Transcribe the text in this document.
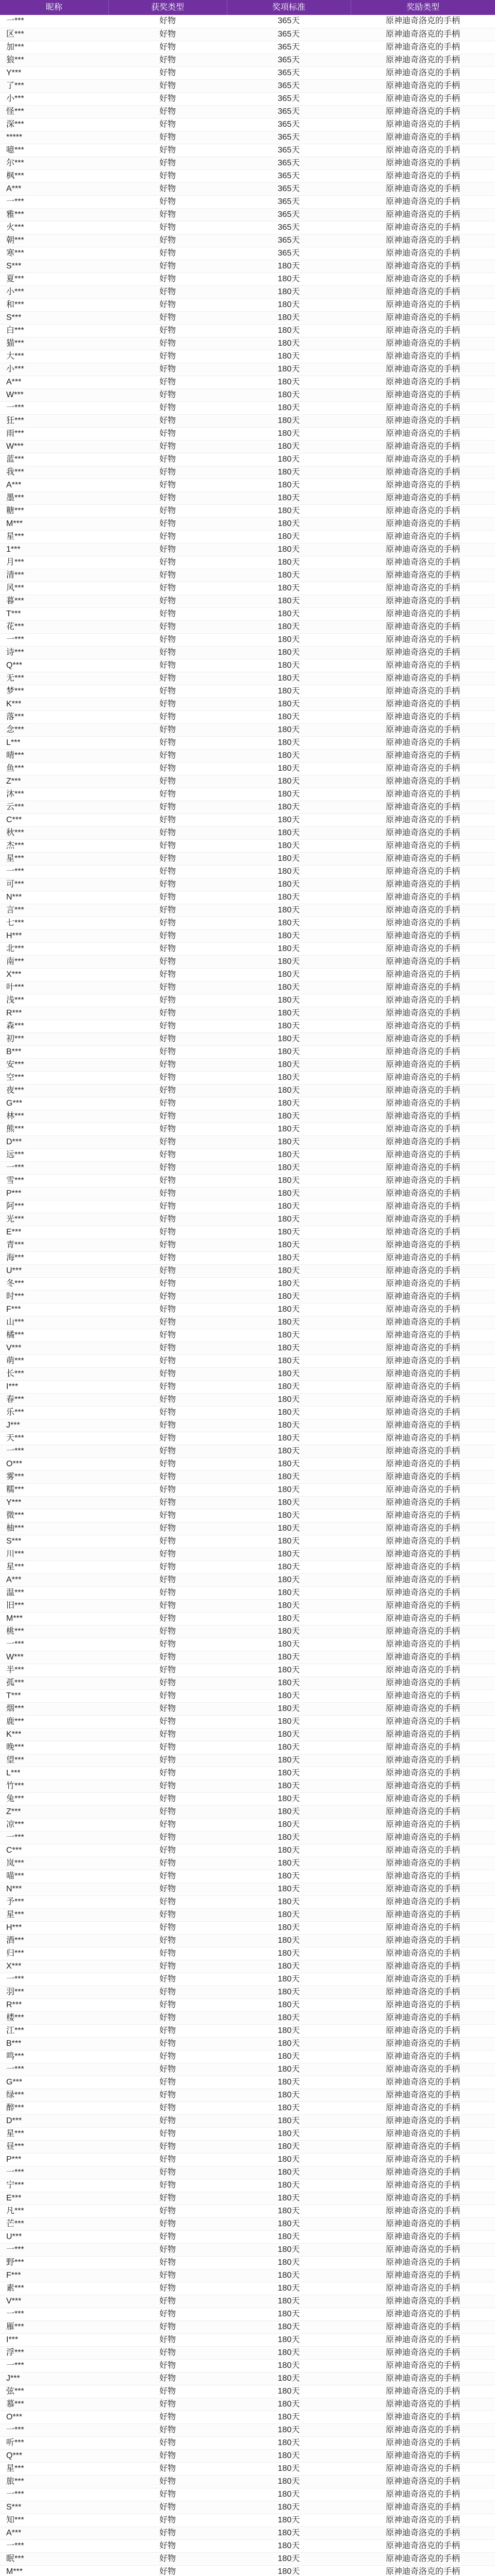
昵称	获奖类型	奖项标准	奖励类型
一***	好物	365天	原神迪奇洛克的手柄
区***	好物	365天	原神迪奇洛克的手柄
加***	好物	365天	原神迪奇洛克的手柄
狼***	好物	365天	原神迪奇洛克的手柄
Y***	好物	365天	原神迪奇洛克的手柄
了***	好物	365天	原神迪奇洛克的手柄
小***	好物	365天	原神迪奇洛克的手柄
怪***	好物	365天	原神迪奇洛克的手柄
深***	好物	365天	原神迪奇洛克的手柄
*****	好物	365天	原神迪奇洛克的手柄
噫***	好物	365天	原神迪奇洛克的手柄
尔***	好物	365天	原神迪奇洛克的手柄
枫***	好物	365天	原神迪奇洛克的手柄
A***	好物	365天	原神迪奇洛克的手柄
一***	好物	365天	原神迪奇洛克的手柄
雅***	好物	365天	原神迪奇洛克的手柄
火***	好物	365天	原神迪奇洛克的手柄
朝***	好物	365天	原神迪奇洛克的手柄
寒***	好物	365天	原神迪奇洛克的手柄
S***	好物	180天	原神迪奇洛克的手柄
夏***	好物	180天	原神迪奇洛克的手柄
小***	好物	180天	原神迪奇洛克的手柄
和***	好物	180天	原神迪奇洛克的手柄
S***	好物	180天	原神迪奇洛克的手柄
白***	好物	180天	原神迪奇洛克的手柄
猫***	好物	180天	原神迪奇洛克的手柄
大***	好物	180天	原神迪奇洛克的手柄
小***	好物	180天	原神迪奇洛克的手柄
A***	好物	180天	原神迪奇洛克的手柄
W***	好物	180天	原神迪奇洛克的手柄
一***	好物	180天	原神迪奇洛克的手柄
狂***	好物	180天	原神迪奇洛克的手柄
雨***	好物	180天	原神迪奇洛克的手柄
W***	好物	180天	原神迪奇洛克的手柄
蓝***	好物	180天	原神迪奇洛克的手柄
我***	好物	180天	原神迪奇洛克的手柄
A***	好物	180天	原神迪奇洛克的手柄
墨***	好物	180天	原神迪奇洛克的手柄
糖***	好物	180天	原神迪奇洛克的手柄
M***	好物	180天	原神迪奇洛克的手柄
星***	好物	180天	原神迪奇洛克的手柄
1***	好物	180天	原神迪奇洛克的手柄
月***	好物	180天	原神迪奇洛克的手柄
清***	好物	180天	原神迪奇洛克的手柄
风***	好物	180天	原神迪奇洛克的手柄
暮***	好物	180天	原神迪奇洛克的手柄
T***	好物	180天	原神迪奇洛克的手柄
花***	好物	180天	原神迪奇洛克的手柄
一***	好物	180天	原神迪奇洛克的手柄
诗***	好物	180天	原神迪奇洛克的手柄
Q***	好物	180天	原神迪奇洛克的手柄
无***	好物	180天	原神迪奇洛克的手柄
梦***	好物	180天	原神迪奇洛克的手柄
K***	好物	180天	原神迪奇洛克的手柄
落***	好物	180天	原神迪奇洛克的手柄
念***	好物	180天	原神迪奇洛克的手柄
L***	好物	180天	原神迪奇洛克的手柄
晴***	好物	180天	原神迪奇洛克的手柄
鱼***	好物	180天	原神迪奇洛克的手柄
Z***	好物	180天	原神迪奇洛克的手柄
沐***	好物	180天	原神迪奇洛克的手柄
云***	好物	180天	原神迪奇洛克的手柄
C***	好物	180天	原神迪奇洛克的手柄
秋***	好物	180天	原神迪奇洛克的手柄
杰***	好物	180天	原神迪奇洛克的手柄
星***	好物	180天	原神迪奇洛克的手柄
一***	好物	180天	原神迪奇洛克的手柄
可***	好物	180天	原神迪奇洛克的手柄
N***	好物	180天	原神迪奇洛克的手柄
言***	好物	180天	原神迪奇洛克的手柄
七***	好物	180天	原神迪奇洛克的手柄
H***	好物	180天	原神迪奇洛克的手柄
北***	好物	180天	原神迪奇洛克的手柄
南***	好物	180天	原神迪奇洛克的手柄
X***	好物	180天	原神迪奇洛克的手柄
叶***	好物	180天	原神迪奇洛克的手柄
浅***	好物	180天	原神迪奇洛克的手柄
R***	好物	180天	原神迪奇洛克的手柄
森***	好物	180天	原神迪奇洛克的手柄
初***	好物	180天	原神迪奇洛克的手柄
B***	好物	180天	原神迪奇洛克的手柄
安***	好物	180天	原神迪奇洛克的手柄
空***	好物	180天	原神迪奇洛克的手柄
夜***	好物	180天	原神迪奇洛克的手柄
G***	好物	180天	原神迪奇洛克的手柄
林***	好物	180天	原神迪奇洛克的手柄
熊***	好物	180天	原神迪奇洛克的手柄
D***	好物	180天	原神迪奇洛克的手柄
远***	好物	180天	原神迪奇洛克的手柄
一***	好物	180天	原神迪奇洛克的手柄
雪***	好物	180天	原神迪奇洛克的手柄
P***	好物	180天	原神迪奇洛克的手柄
阿***	好物	180天	原神迪奇洛克的手柄
光***	好物	180天	原神迪奇洛克的手柄
E***	好物	180天	原神迪奇洛克的手柄
青***	好物	180天	原神迪奇洛克的手柄
海***	好物	180天	原神迪奇洛克的手柄
U***	好物	180天	原神迪奇洛克的手柄
冬***	好物	180天	原神迪奇洛克的手柄
时***	好物	180天	原神迪奇洛克的手柄
F***	好物	180天	原神迪奇洛克的手柄
山***	好物	180天	原神迪奇洛克的手柄
橘***	好物	180天	原神迪奇洛克的手柄
V***	好物	180天	原神迪奇洛克的手柄
萌***	好物	180天	原神迪奇洛克的手柄
长***	好物	180天	原神迪奇洛克的手柄
I***	好物	180天	原神迪奇洛克的手柄
春***	好物	180天	原神迪奇洛克的手柄
乐***	好物	180天	原神迪奇洛克的手柄
J***	好物	180天	原神迪奇洛克的手柄
天***	好物	180天	原神迪奇洛克的手柄
一***	好物	180天	原神迪奇洛克的手柄
O***	好物	180天	原神迪奇洛克的手柄
雾***	好物	180天	原神迪奇洛克的手柄
糯***	好物	180天	原神迪奇洛克的手柄
Y***	好物	180天	原神迪奇洛克的手柄
微***	好物	180天	原神迪奇洛克的手柄
柚***	好物	180天	原神迪奇洛克的手柄
S***	好物	180天	原神迪奇洛克的手柄
川***	好物	180天	原神迪奇洛克的手柄
星***	好物	180天	原神迪奇洛克的手柄
A***	好物	180天	原神迪奇洛克的手柄
温***	好物	180天	原神迪奇洛克的手柄
旧***	好物	180天	原神迪奇洛克的手柄
M***	好物	180天	原神迪奇洛克的手柄
桃***	好物	180天	原神迪奇洛克的手柄
一***	好物	180天	原神迪奇洛克的手柄
W***	好物	180天	原神迪奇洛克的手柄
半***	好物	180天	原神迪奇洛克的手柄
孤***	好物	180天	原神迪奇洛克的手柄
T***	好物	180天	原神迪奇洛克的手柄
烟***	好物	180天	原神迪奇洛克的手柄
鹿***	好物	180天	原神迪奇洛克的手柄
K***	好物	180天	原神迪奇洛克的手柄
晚***	好物	180天	原神迪奇洛克的手柄
望***	好物	180天	原神迪奇洛克的手柄
L***	好物	180天	原神迪奇洛克的手柄
竹***	好物	180天	原神迪奇洛克的手柄
兔***	好物	180天	原神迪奇洛克的手柄
Z***	好物	180天	原神迪奇洛克的手柄
凉***	好物	180天	原神迪奇洛克的手柄
一***	好物	180天	原神迪奇洛克的手柄
C***	好物	180天	原神迪奇洛克的手柄
岚***	好物	180天	原神迪奇洛克的手柄
喵***	好物	180天	原神迪奇洛克的手柄
N***	好物	180天	原神迪奇洛克的手柄
予***	好物	180天	原神迪奇洛克的手柄
星***	好物	180天	原神迪奇洛克的手柄
H***	好物	180天	原神迪奇洛克的手柄
酒***	好物	180天	原神迪奇洛克的手柄
归***	好物	180天	原神迪奇洛克的手柄
X***	好物	180天	原神迪奇洛克的手柄
一***	好物	180天	原神迪奇洛克的手柄
羽***	好物	180天	原神迪奇洛克的手柄
R***	好物	180天	原神迪奇洛克的手柄
楼***	好物	180天	原神迪奇洛克的手柄
江***	好物	180天	原神迪奇洛克的手柄
B***	好物	180天	原神迪奇洛克的手柄
鸣***	好物	180天	原神迪奇洛克的手柄
一***	好物	180天	原神迪奇洛克的手柄
G***	好物	180天	原神迪奇洛克的手柄
绿***	好物	180天	原神迪奇洛克的手柄
醉***	好物	180天	原神迪奇洛克的手柄
D***	好物	180天	原神迪奇洛克的手柄
星***	好物	180天	原神迪奇洛克的手柄
昼***	好物	180天	原神迪奇洛克的手柄
P***	好物	180天	原神迪奇洛克的手柄
一***	好物	180天	原神迪奇洛克的手柄
宁***	好物	180天	原神迪奇洛克的手柄
E***	好物	180天	原神迪奇洛克的手柄
凡***	好物	180天	原神迪奇洛克的手柄
芒***	好物	180天	原神迪奇洛克的手柄
U***	好物	180天	原神迪奇洛克的手柄
一***	好物	180天	原神迪奇洛克的手柄
野***	好物	180天	原神迪奇洛克的手柄
F***	好物	180天	原神迪奇洛克的手柄
素***	好物	180天	原神迪奇洛克的手柄
V***	好物	180天	原神迪奇洛克的手柄
一***	好物	180天	原神迪奇洛克的手柄
雁***	好物	180天	原神迪奇洛克的手柄
I***	好物	180天	原神迪奇洛克的手柄
浮***	好物	180天	原神迪奇洛克的手柄
一***	好物	180天	原神迪奇洛克的手柄
J***	好物	180天	原神迪奇洛克的手柄
弦***	好物	180天	原神迪奇洛克的手柄
慕***	好物	180天	原神迪奇洛克的手柄
O***	好物	180天	原神迪奇洛克的手柄
一***	好物	180天	原神迪奇洛克的手柄
听***	好物	180天	原神迪奇洛克的手柄
Q***	好物	180天	原神迪奇洛克的手柄
星***	好物	180天	原神迪奇洛克的手柄
旅***	好物	180天	原神迪奇洛克的手柄
一***	好物	180天	原神迪奇洛克的手柄
S***	好物	180天	原神迪奇洛克的手柄
知***	好物	180天	原神迪奇洛克的手柄
A***	好物	180天	原神迪奇洛克的手柄
一***	好物	180天	原神迪奇洛克的手柄
眠***	好物	180天	原神迪奇洛克的手柄
M***	好物	180天	原神迪奇洛克的手柄
